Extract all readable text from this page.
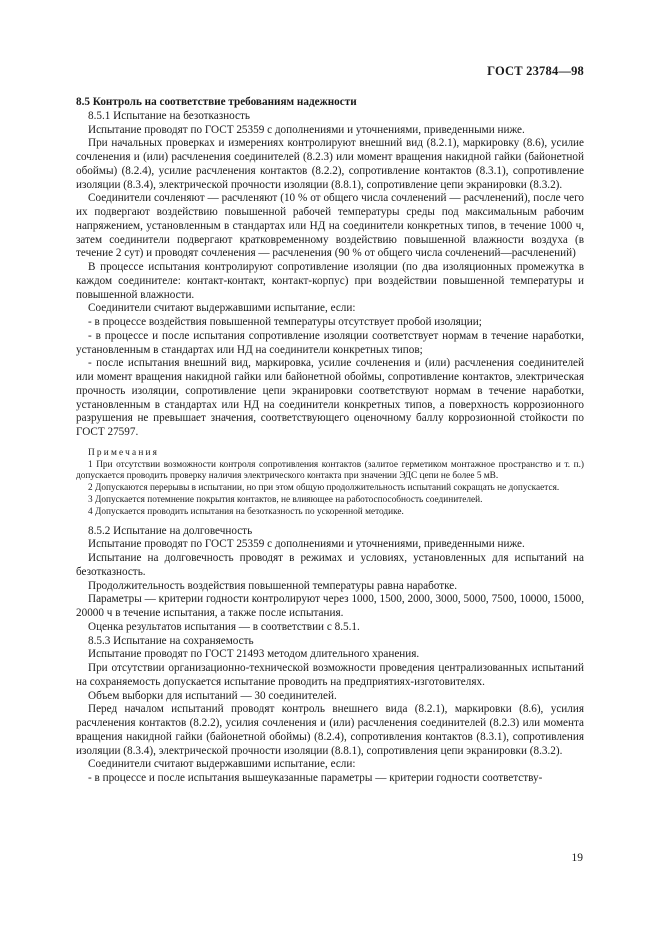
ГОСТ 23784—98
8.5 Контроль на соответствие требованиям надежности

8.5.1 Испытание на безотказность

Испытание проводят по ГОСТ 25359 с дополнениями и уточнениями, приведенными ниже.

При начальных проверках и измерениях контролируют внешний вид (8.2.1), маркировку (8.6), усилие сочленения и (или) расчленения соединителей (8.2.3) или момент вращения накидной гайки (байонетной обоймы) (8.2.4), усилие расчленения контактов (8.2.2), сопротивление контактов (8.3.1), сопротивление изоляции (8.3.4), электрической прочности изоляции (8.8.1), сопротивление цепи экранировки (8.3.2).

Соединители сочленяют — расчленяют (10 % от общего числа сочленений — расчленений), после чего их подвергают воздействию повышенной рабочей температуры среды под максимальным рабочим напряжением, установленным в стандартах или НД на соединители конкретных типов, в течение 1000 ч, затем соединители подвергают кратковременному воздействию повышенной влажности воздуха (в течение 2 сут) и проводят сочленения — расчленения (90 % от общего числа сочленений—расчленений)

В процессе испытания контролируют сопротивление изоляции (по два изоляционных промежутка в каждом соединителе: контакт-контакт, контакт-корпус) при воздействии повышенной температуры и повышенной влажности.

Соединители считают выдержавшими испытание, если:

- в процессе воздействия повышенной температуры отсутствует пробой изоляции;

- в процессе и после испытания сопротивление изоляции соответствует нормам в течение наработки, установленным в стандартах или НД на соединители конкретных типов;

- после испытания внешний вид, маркировка, усилие сочленения и (или) расчленения соединителей или момент вращения накидной гайки или байонетной обоймы, сопротивление контактов, электрическая прочность изоляции, сопротивление цепи экранировки соответствуют нормам в течение наработки, установленным в стандартах или НД на соединители конкретных типов, а поверхность коррозионного разрушения не превышает значения, соответствующего оценочному баллу коррозионной стойкости по ГОСТ 27597.

Примечания

1 При отсутствии возможности контроля сопротивления контактов (залитое герметиком монтажное пространство и т. п.) допускается проводить проверку наличия электрического контакта при значении ЭДС цепи не более 5 мВ.

2 Допускаются перерывы в испытании, но при этом общую продолжительность испытаний сокращать не допускается.

3 Допускается потемнение покрытия контактов, не влияющее на работоспособность соединителей.

4 Допускается проводить испытания на безотказность по ускоренной методике.

8.5.2 Испытание на долговечность

Испытание проводят по ГОСТ 25359 с дополнениями и уточнениями, приведенными ниже.

Испытание на долговечность проводят в режимах и условиях, установленных для испытаний на безотказность.

Продолжительность воздействия повышенной температуры равна наработке.

Параметры — критерии годности контролируют через 1000, 1500, 2000, 3000, 5000, 7500, 10000, 15000, 20000 ч в течение испытания, а также после испытания.

Оценка результатов испытания — в соответствии с 8.5.1.

8.5.3 Испытание на сохраняемость

Испытание проводят по ГОСТ 21493 методом длительного хранения.

При отсутствии организационно-технической возможности проведения централизованных испытаний на сохраняемость допускается испытание проводить на предприятиях-изготовителях.

Объем выборки для испытаний — 30 соединителей.

Перед началом испытаний проводят контроль внешнего вида (8.2.1), маркировки (8.6), усилия расчленения контактов (8.2.2), усилия сочленения и (или) расчленения соединителей (8.2.3) или момента вращения накидной гайки (байонетной обоймы) (8.2.4), сопротивления контактов (8.3.1), сопротивления изоляции (8.3.4), электрической прочности изоляции (8.8.1), сопротивления цепи экранировки (8.3.2).

Соединители считают выдержавшими испытание, если:

- в процессе и после испытания вышеуказанные параметры — критерии годности соответству-

19
